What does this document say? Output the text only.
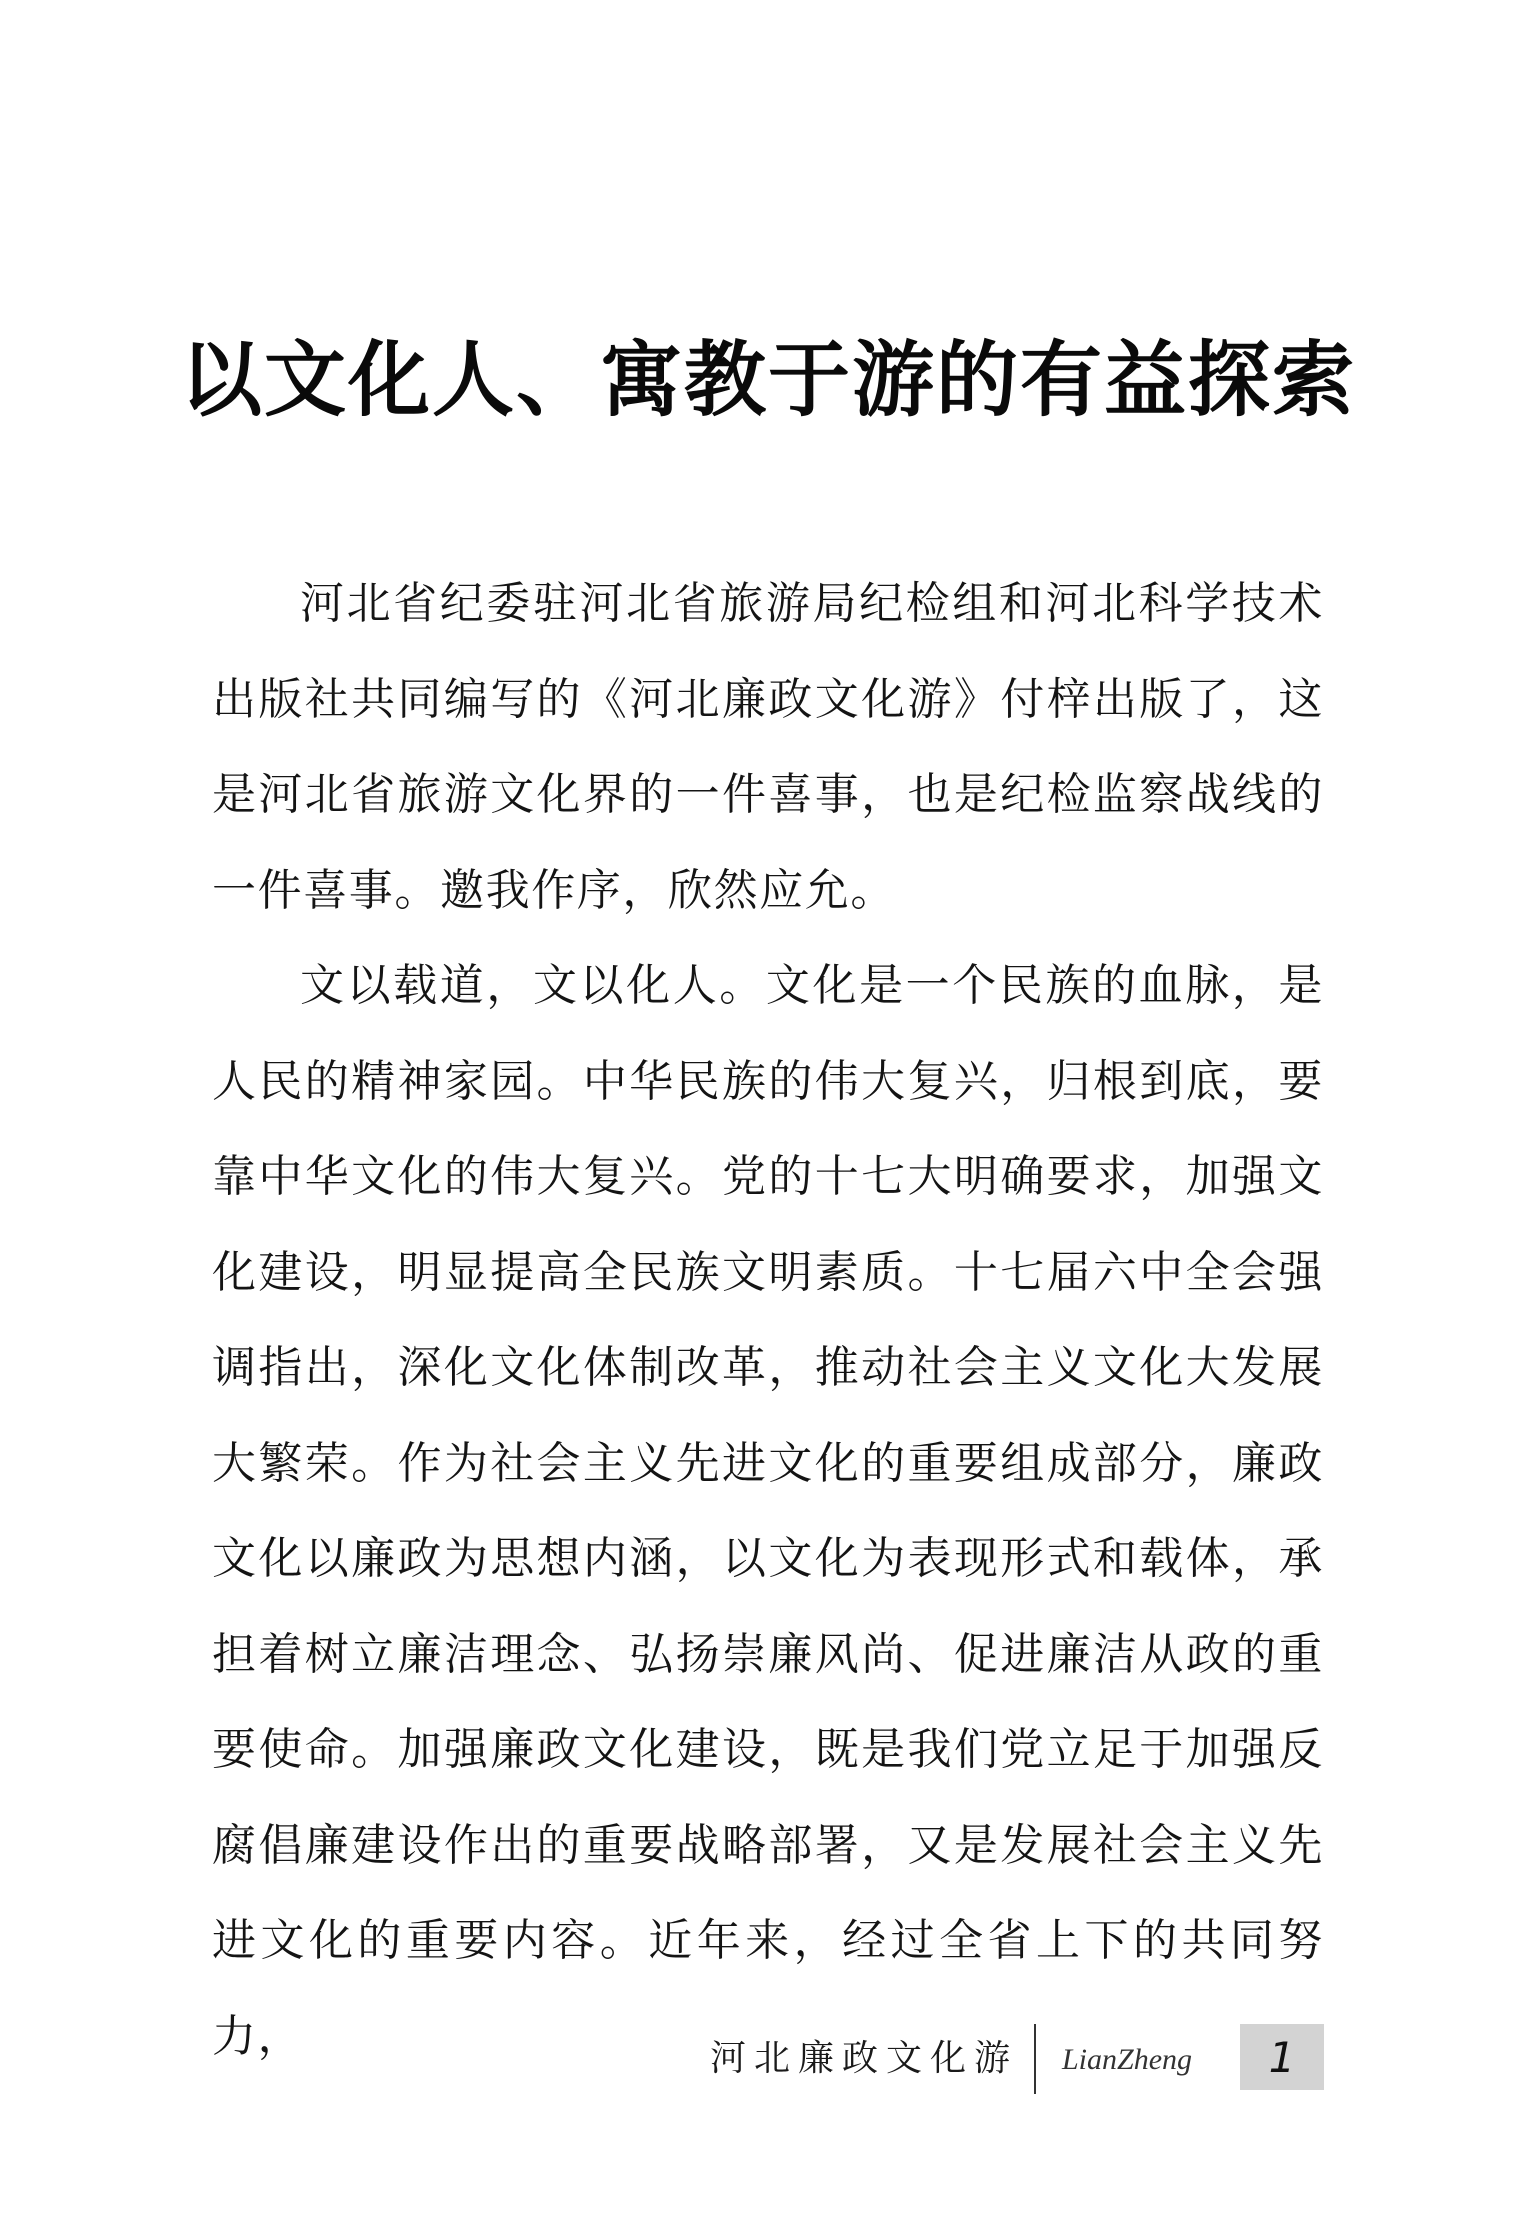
以文化人、寓教于游的有益探索

河北省纪委驻河北省旅游局纪检组和河北科学技术出版社共同编写的《河北廉政文化游》付梓出版了，这是河北省旅游文化界的一件喜事，也是纪检监察战线的一件喜事。邀我作序，欣然应允。

文以载道，文以化人。文化是一个民族的血脉，是人民的精神家园。中华民族的伟大复兴，归根到底，要靠中华文化的伟大复兴。党的十七大明确要求，加强文化建设，明显提高全民族文明素质。十七届六中全会强调指出，深化文化体制改革，推动社会主义文化大发展大繁荣。作为社会主义先进文化的重要组成部分，廉政文化以廉政为思想内涵，以文化为表现形式和载体，承担着树立廉洁理念、弘扬崇廉风尚、促进廉洁从政的重要使命。加强廉政文化建设，既是我们党立足于加强反腐倡廉建设作出的重要战略部署，又是发展社会主义先进文化的重要内容。近年来，经过全省上下的共同努力，	河北廉政文化游 LianZheng 1
